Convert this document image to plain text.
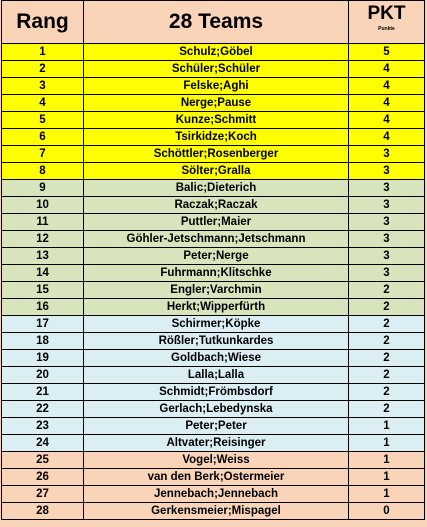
Rang	28 Teams	PKT
Punkte

1	Schulz;Göbel	5
2	Schüler;Schüler	4
3	Felske;Aghi	4
4	Nerge;Pause	4
5	Kunze;Schmitt	4
6	Tsirkidze;Koch	4
7	Schöttler;Rosenberger	3
8	Sölter;Gralla	3
9	Balic;Dieterich	3
10	Raczak;Raczak	3
11	Puttler;Maier	3
12	Göhler-Jetschmann;Jetschmann	3
13	Peter;Nerge	3
14	Fuhrmann;Klitschke	3
15	Engler;Varchmin	2
16	Herkt;Wipperfürth	2
17	Schirmer;Köpke	2
18	Rößler;Tutkunkardes	2
19	Goldbach;Wiese	2
20	Lalla;Lalla	2
21	Schmidt;Frömbsdorf	2
22	Gerlach;Lebedynska	2
23	Peter;Peter	1
24	Altvater;Reisinger	1
25	Vogel;Weiss	1
26	van den Berk;Ostermeier	1
27	Jennebach;Jennebach	1
28	Gerkensmeier;Mispagel	0
